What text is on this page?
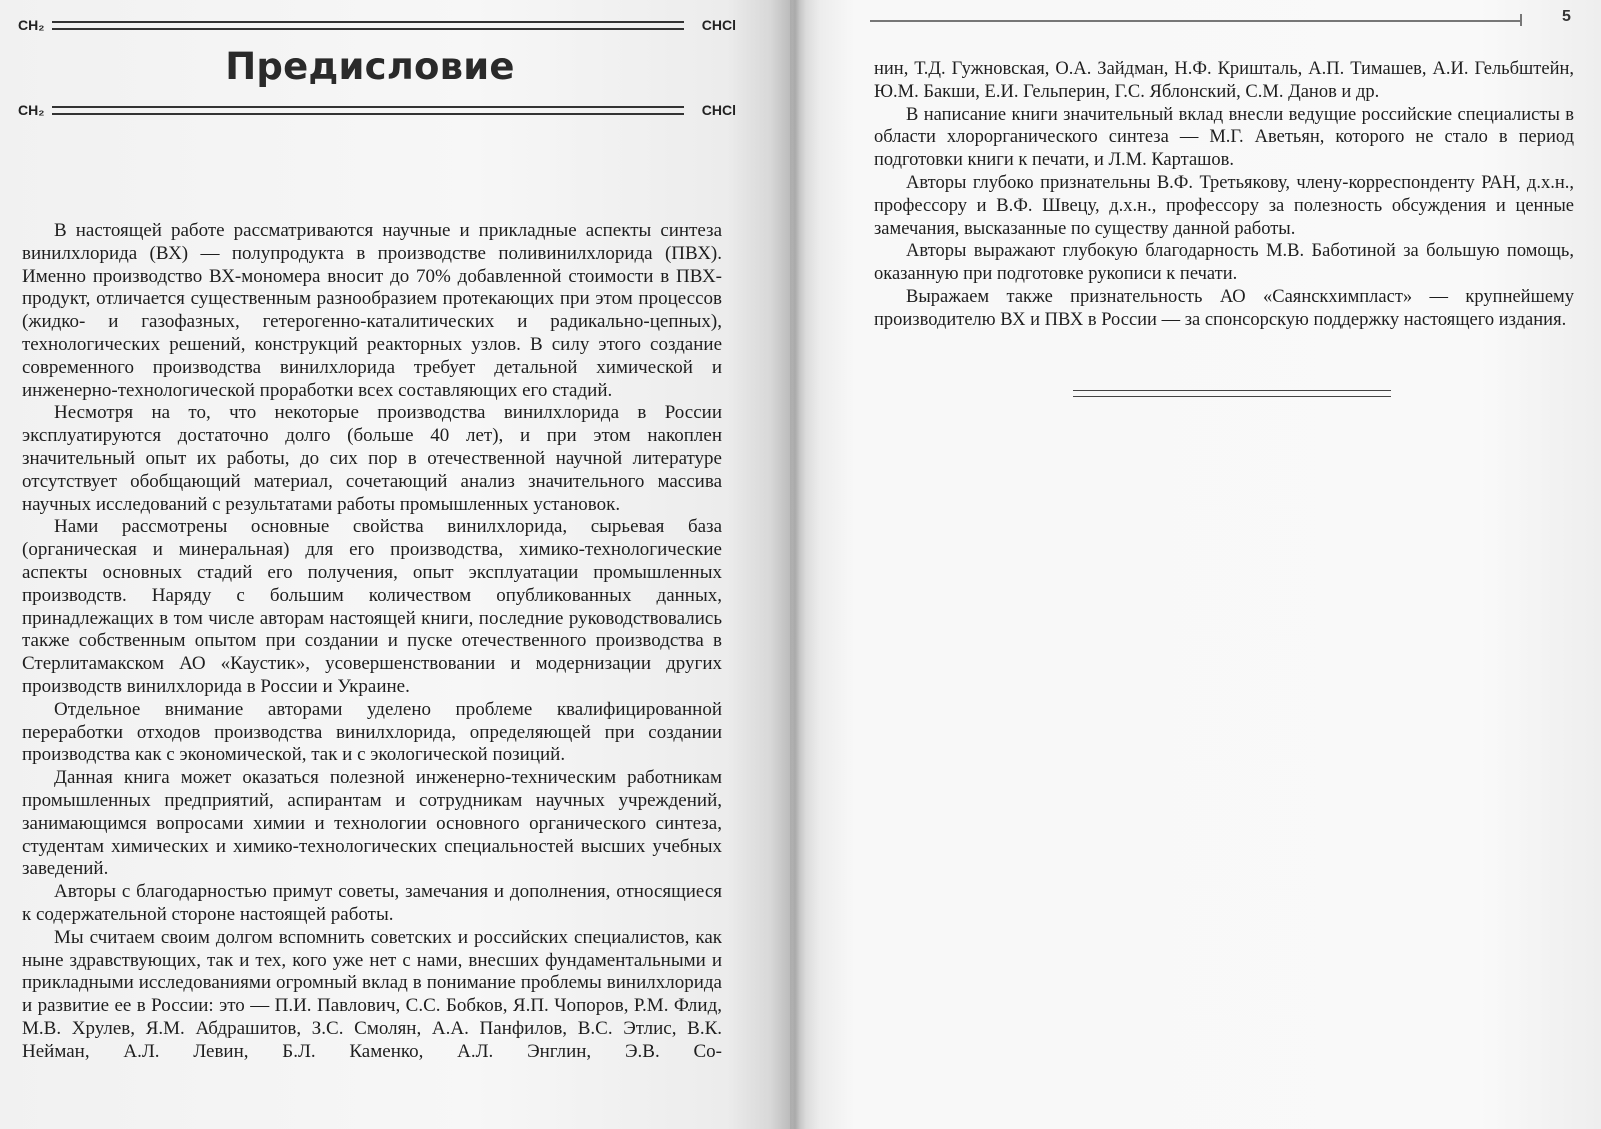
CH₂	CHCl
Предисловие
CH₂	CHCl

В настоящей работе рассматриваются научные и прикладные аспекты синтеза винилхлорида (ВХ) — полупродукта в производстве поливинилхлорида (ПВХ). Именно производство ВХ-мономера вносит до 70% добавленной стоимости в ПВХ-продукт, отличается существенным разнообразием протекающих при этом процессов (жидко- и газофазных, гетерогенно-каталитических и радикально-цепных), технологических решений, конструкций реакторных узлов. В силу этого создание современного производства винилхлорида требует детальной химической и инженерно-технологической проработки всех составляющих его стадий.

Несмотря на то, что некоторые производства винилхлорида в России эксплуатируются достаточно долго (больше 40 лет), и при этом накоплен значительный опыт их работы, до сих пор в отечественной научной литературе отсутствует обобщающий материал, сочетающий анализ значительного массива научных исследований с результатами работы промышленных установок.

Нами рассмотрены основные свойства винилхлорида, сырьевая база (органическая и минеральная) для его производства, химико-технологические аспекты основных стадий его получения, опыт эксплуатации промышленных производств. Наряду с большим количеством опубликованных данных, принадлежащих в том числе авторам настоящей книги, последние руководствовались также собственным опытом при создании и пуске отечественного производства в Стерлитамакском АО «Каустик», усовершенствовании и модернизации других производств винилхлорида в России и Украине.

Отдельное внимание авторами уделено проблеме квалифицированной переработки отходов производства винилхлорида, определяющей при создании производства как с экономической, так и с экологической позиций.

Данная книга может оказаться полезной инженерно-техническим работникам промышленных предприятий, аспирантам и сотрудникам научных учреждений, занимающимся вопросами химии и технологии основного органического синтеза, студентам химических и химико-технологических специальностей высших учебных заведений.

Авторы с благодарностью примут советы, замечания и дополнения, относящиеся к содержательной стороне настоящей работы.

Мы считаем своим долгом вспомнить советских и российских специалистов, как ныне здравствующих, так и тех, кого уже нет с нами, внесших фундаментальными и прикладными исследованиями огромный вклад в понимание проблемы винилхлорида и развитие ее в России: это — П.И. Павлович, С.С. Бобков, Я.П. Чопоров, Р.М. Флид, М.В. Хрулев, Я.М. Абдрашитов, З.С. Смолян, А.А. Панфилов, В.С. Этлис, В.К. Нейман, А.Л. Левин, Б.Л. Каменко, А.Л. Энглин, Э.В. Со-

5

нин, Т.Д. Гужновская, О.А. Зайдман, Н.Ф. Кришталь, А.П. Тимашев, А.И. Гельбштейн, Ю.М. Бакши, Е.И. Гельперин, Г.С. Яблонский, С.М. Данов и др.

В написание книги значительный вклад внесли ведущие российские специалисты в области хлорорганического синтеза — М.Г. Аветьян, которого не стало в период подготовки книги к печати, и Л.М. Карташов.

Авторы глубоко признательны В.Ф. Третьякову, члену-корреспонденту РАН, д.х.н., профессору и В.Ф. Швецу, д.х.н., профессору за полезность обсуждения и ценные замечания, высказанные по существу данной работы.

Авторы выражают глубокую благодарность М.В. Баботиной за большую помощь, оказанную при подготовке рукописи к печати.

Выражаем также признательность АО «Саянскхимпласт» — крупнейшему производителю ВХ и ПВХ в России — за спонсорскую поддержку настоящего издания.
